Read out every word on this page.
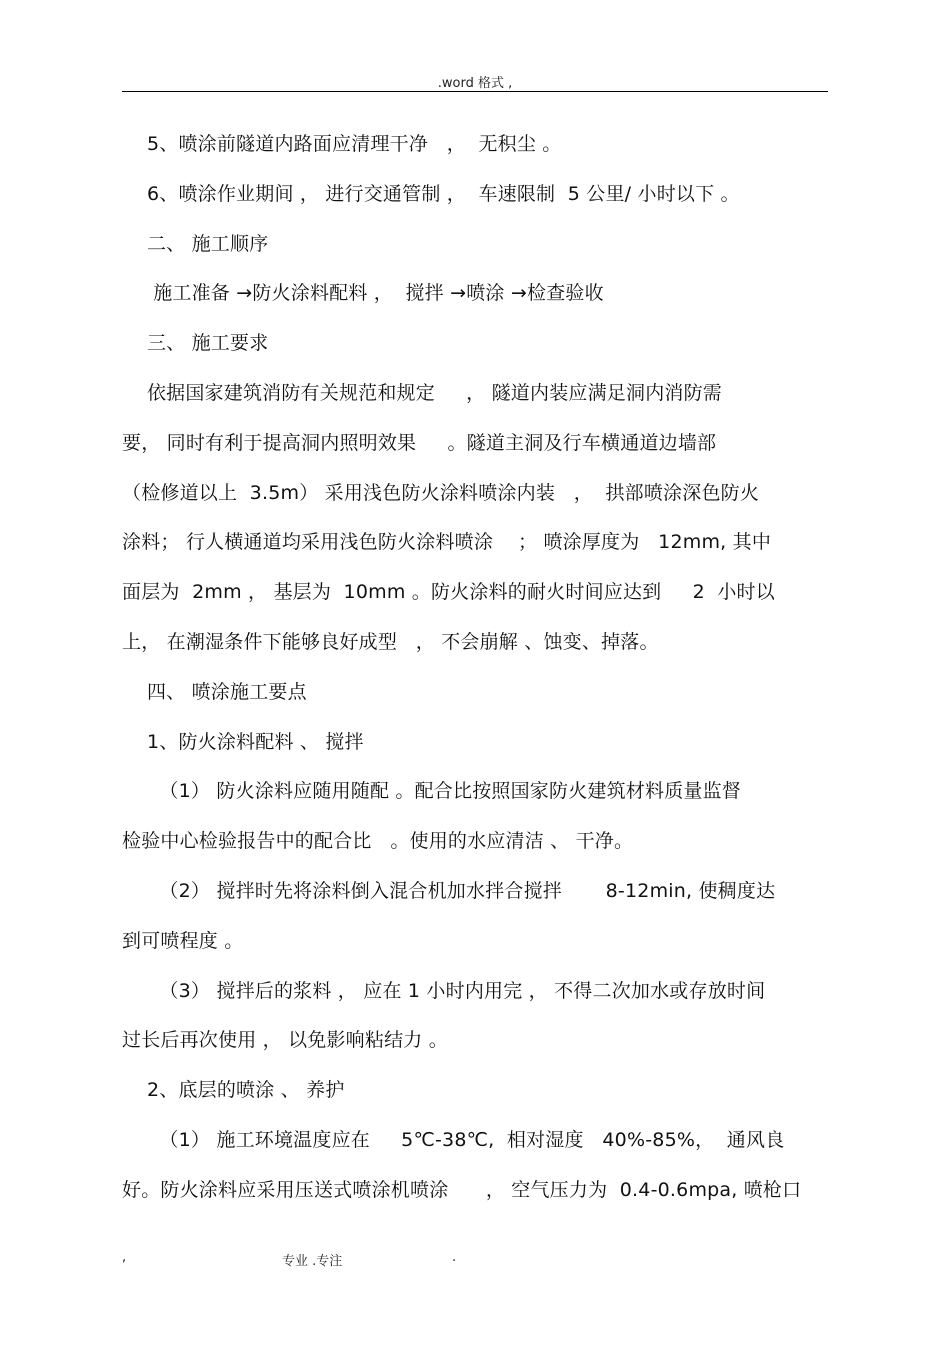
.word 格式 ,
5、喷涂前隧道内路面应清理干净   ，  无积尘 。
6、喷涂作业期间 ， 进行交通管制 ，  车速限制  5 公里/ 小时以下 。
二、 施工顺序
施工准备 →防火涂料配料 ，  搅拌 →喷涂 →检查验收
三、 施工要求
依据国家建筑消防有关规范和规定     ， 隧道内装应满足洞内消防需
要， 同时有利于提高洞内照明效果     。隧道主洞及行车横通道边墙部
（检修道以上  3.5m） 采用浅色防火涂料喷涂内装   ，  拱部喷涂深色防火
涂料； 行人横通道均采用浅色防火涂料喷涂    ； 喷涂厚度为   12mm, 其中
面层为  2mm ， 基层为  10mm 。防火涂料的耐火时间应达到     2  小时以
上， 在潮湿条件下能够良好成型   ， 不会崩解 、蚀变、掉落。
四、 喷涂施工要点
1、防火涂料配料 、 搅拌
（1） 防火涂料应随用随配 。配合比按照国家防火建筑材料质量监督
检验中心检验报告中的配合比   。使用的水应清洁 、 干净。
（2） 搅拌时先将涂料倒入混合机加水拌合搅拌       8-12min, 使稠度达
到可喷程度 。
（3） 搅拌后的浆料 ， 应在 1 小时内用完 ， 不得二次加水或存放时间
过长后再次使用 ， 以免影响粘结力 。
2、底层的喷涂 、 养护
（1） 施工环境温度应在     5℃-38℃,  相对湿度   40%-85%，  通风良
好。防火涂料应采用压送式喷涂机喷涂      ， 空气压力为  0.4-0.6mpa, 喷枪口
,	专业 .专注	.
